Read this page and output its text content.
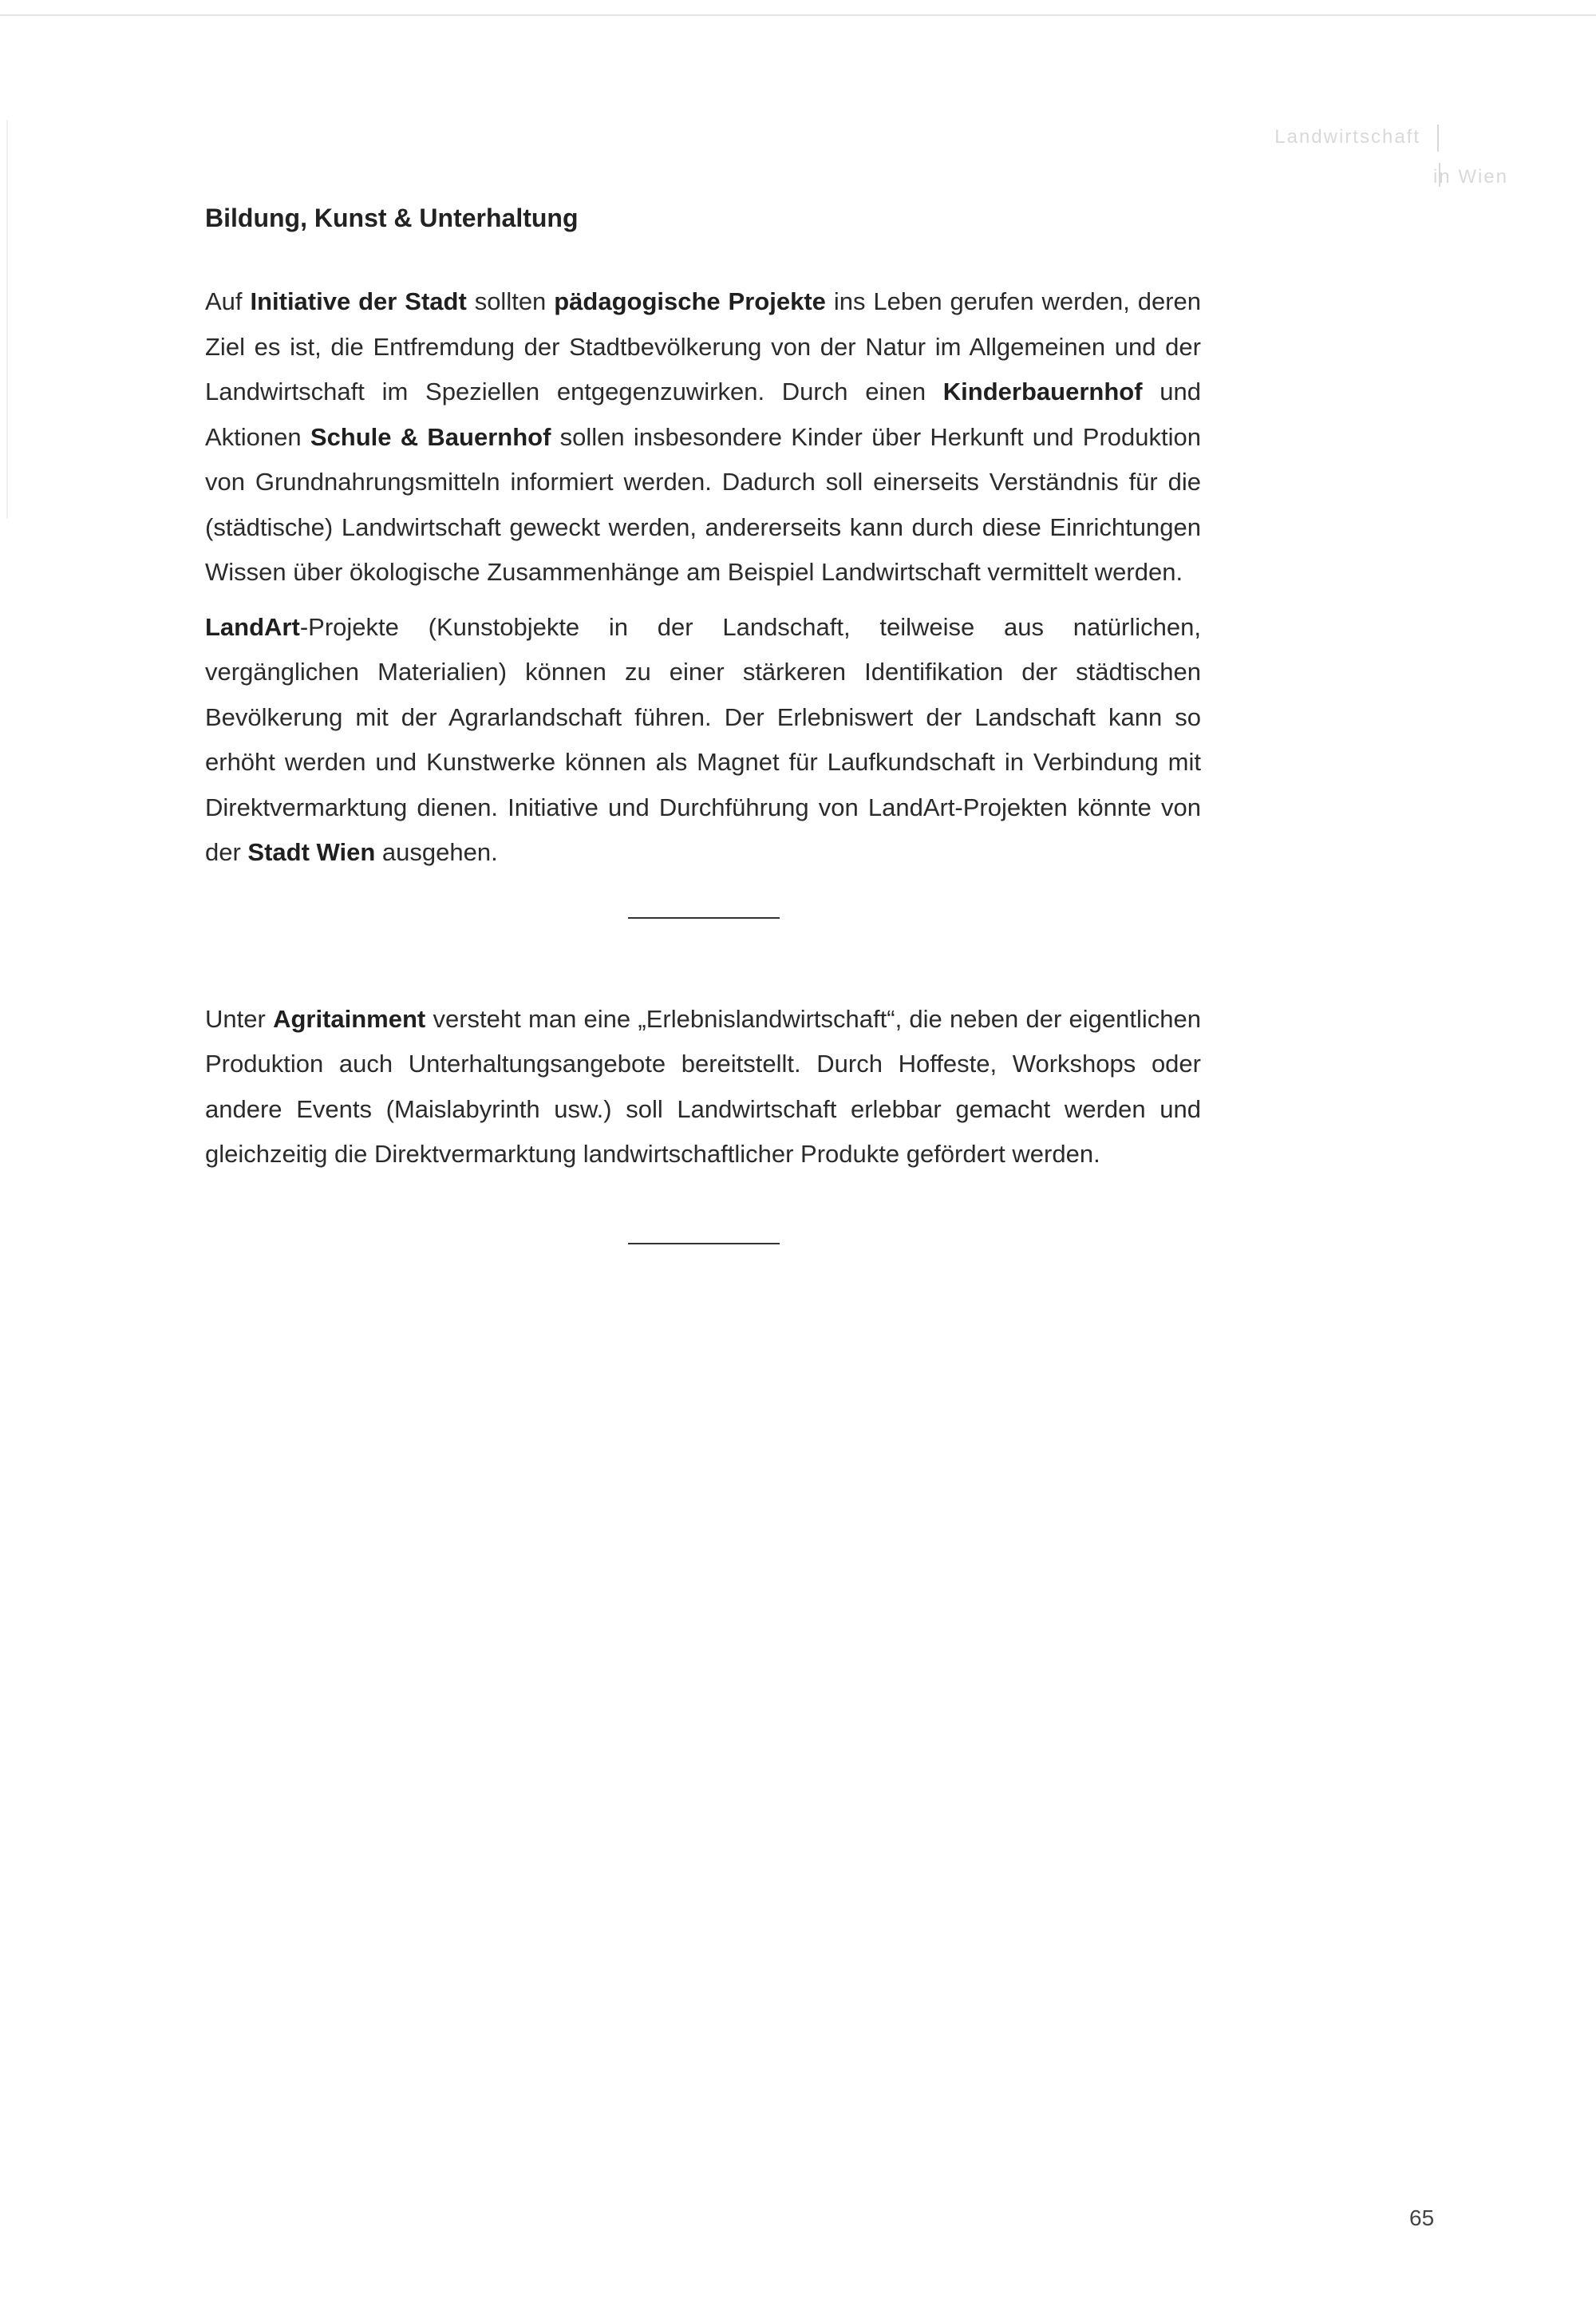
Landwirtschaft
in Wien
Bildung, Kunst & Unterhaltung

Auf Initiative der Stadt sollten pädagogische Projekte ins Leben gerufen werden, deren Ziel es ist, die Entfremdung der Stadtbevölkerung von der Natur im Allgemeinen und der Landwirtschaft im Speziellen entgegenzuwirken. Durch einen Kinderbauernhof und Aktionen Schule & Bauernhof sollen insbesondere Kinder über Herkunft und Produktion von Grundnahrungsmitteln informiert werden. Dadurch soll einerseits Verständnis für die (städtische) Landwirtschaft geweckt werden, andererseits kann durch diese Einrichtungen Wissen über ökologische Zusammenhänge am Beispiel Landwirtschaft vermittelt werden.

LandArt-Projekte (Kunstobjekte in der Landschaft, teilweise aus natürlichen, vergänglichen Materialien) können zu einer stärkeren Identifikation der städtischen Bevölkerung mit der Agrarlandschaft führen. Der Erlebniswert der Landschaft kann so erhöht werden und Kunstwerke können als Magnet für Laufkundschaft in Verbindung mit Direktvermarktung dienen. Initiative und Durchführung von LandArt-Projekten könnte von der Stadt Wien ausgehen.

Unter Agritainment versteht man eine „Erlebnislandwirtschaft“, die neben der eigentlichen Produktion auch Unterhaltungsangebote bereitstellt. Durch Hoffeste, Workshops oder andere Events (Maislabyrinth usw.) soll Landwirtschaft erlebbar gemacht werden und gleichzeitig die Direktvermarktung landwirtschaftlicher Produkte gefördert werden.

65
